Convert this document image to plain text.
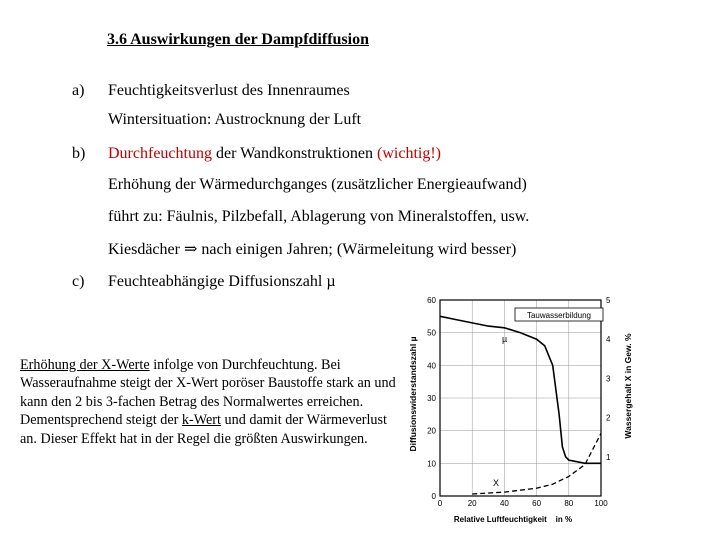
3.6 Auswirkungen der Dampfdiffusion
a) Feuchtigkeitsverlust des Innenraumes
Wintersituation: Austrocknung der Luft
b) Durchfeuchtung der Wandkonstruktionen (wichtig!)
Erhöhung der Wärmedurchganges (zusätzlicher Energieaufwand)
führt zu: Fäulnis, Pilzbefall, Ablagerung von Mineralstoffen, usw.
Kiesdächer ⇒ nach einigen Jahren; (Wärmeleitung wird besser)
c) Feuchteabhängige Diffusionszahl µ
Erhöhung der X-Werte infolge von Durchfeuchtung. Bei Wasseraufnahme steigt der X-Wert poröser Baustoffe stark an und kann den 2 bis 3-fachen Betrag des Normalwertes erreichen. Dementsprechend steigt der k-Wert und damit der Wärmeverlust an. Dieser Effekt hat in der Regel die größten Auswirkungen.
0
10
20
30
40
50
60
0	20	40	60	80	100
5
4
3
2
1
Diffusionswiderstandszahl µ	Wassergehalt X in Gew. %
Relative Luftfeuchtigkeit    in %
Tauwasserbildung
µ
X
